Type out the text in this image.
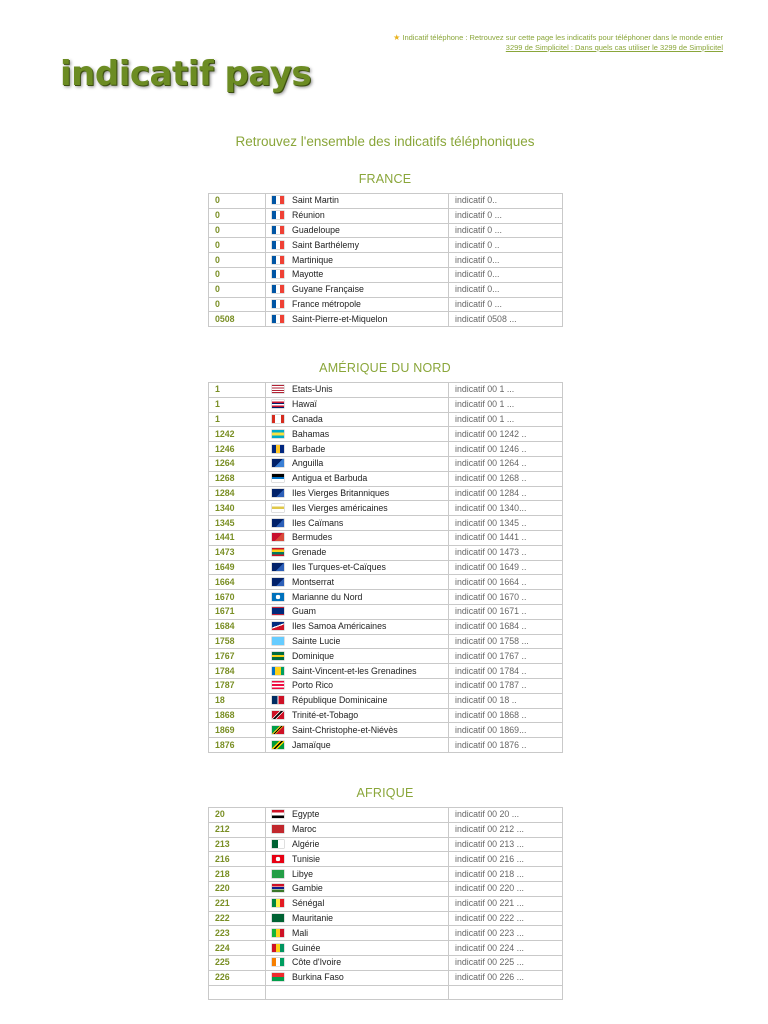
★ Indicatif téléphone : Retrouvez sur cette page les indicatifs pour téléphoner dans le monde entier
3299 de Simplicitel : Dans quels cas utiliser le 3299 de Simplicitel
indicatif pays
Retrouvez l'ensemble des indicatifs téléphoniques
FRANCE
0	Saint Martin	indicatif 0..
0	Réunion	indicatif 0 ...
0	Guadeloupe	indicatif 0 ...
0	Saint Barthélemy	indicatif 0 ..
0	Martinique	indicatif 0...
0	Mayotte	indicatif 0...
0	Guyane Française	indicatif 0...
0	France métropole	indicatif 0 ...
0508	Saint-Pierre-et-Miquelon	indicatif 0508 ...
AMÉRIQUE DU NORD
1	Etats-Unis	indicatif 00 1 ...
1	Hawaï	indicatif 00 1 ...
1	Canada	indicatif 00 1 ...
1242	Bahamas	indicatif 00 1242 ..
1246	Barbade	indicatif 00 1246 ..
1264	Anguilla	indicatif 00 1264 ..
1268	Antigua et Barbuda	indicatif 00 1268 ..
1284	Iles Vierges Britanniques	indicatif 00 1284 ..
1340	Iles Vierges américaines	indicatif 00 1340...
1345	Iles Caïmans	indicatif 00 1345 ..
1441	Bermudes	indicatif 00 1441 ..
1473	Grenade	indicatif 00 1473 ..
1649	Iles Turques-et-Caïques	indicatif 00 1649 ..
1664	Montserrat	indicatif 00 1664 ..
1670	Marianne du Nord	indicatif 00 1670 ..
1671	Guam	indicatif 00 1671 ..
1684	Iles Samoa Américaines	indicatif 00 1684 ..
1758	Sainte Lucie	indicatif 00 1758 ...
1767	Dominique	indicatif 00 1767 ..
1784	Saint-Vincent-et-les Grenadines	indicatif 00 1784 ..
1787	Porto Rico	indicatif 00 1787 ..
18	République Dominicaine	indicatif 00 18 ..
1868	Trinité-et-Tobago	indicatif 00 1868 ..
1869	Saint-Christophe-et-Niévès	indicatif 00 1869...
1876	Jamaïque	indicatif 00 1876 ..
AFRIQUE
20	Egypte	indicatif 00 20 ...
212	Maroc	indicatif 00 212 ...
213	Algérie	indicatif 00 213 ...
216	Tunisie	indicatif 00 216 ...
218	Libye	indicatif 00 218 ...
220	Gambie	indicatif 00 220 ...
221	Sénégal	indicatif 00 221 ...
222	Mauritanie	indicatif 00 222 ...
223	Mali	indicatif 00 223 ...
224	Guinée	indicatif 00 224 ...
225	Côte d'Ivoire	indicatif 00 225 ...
226	Burkina Faso	indicatif 00 226 ...
